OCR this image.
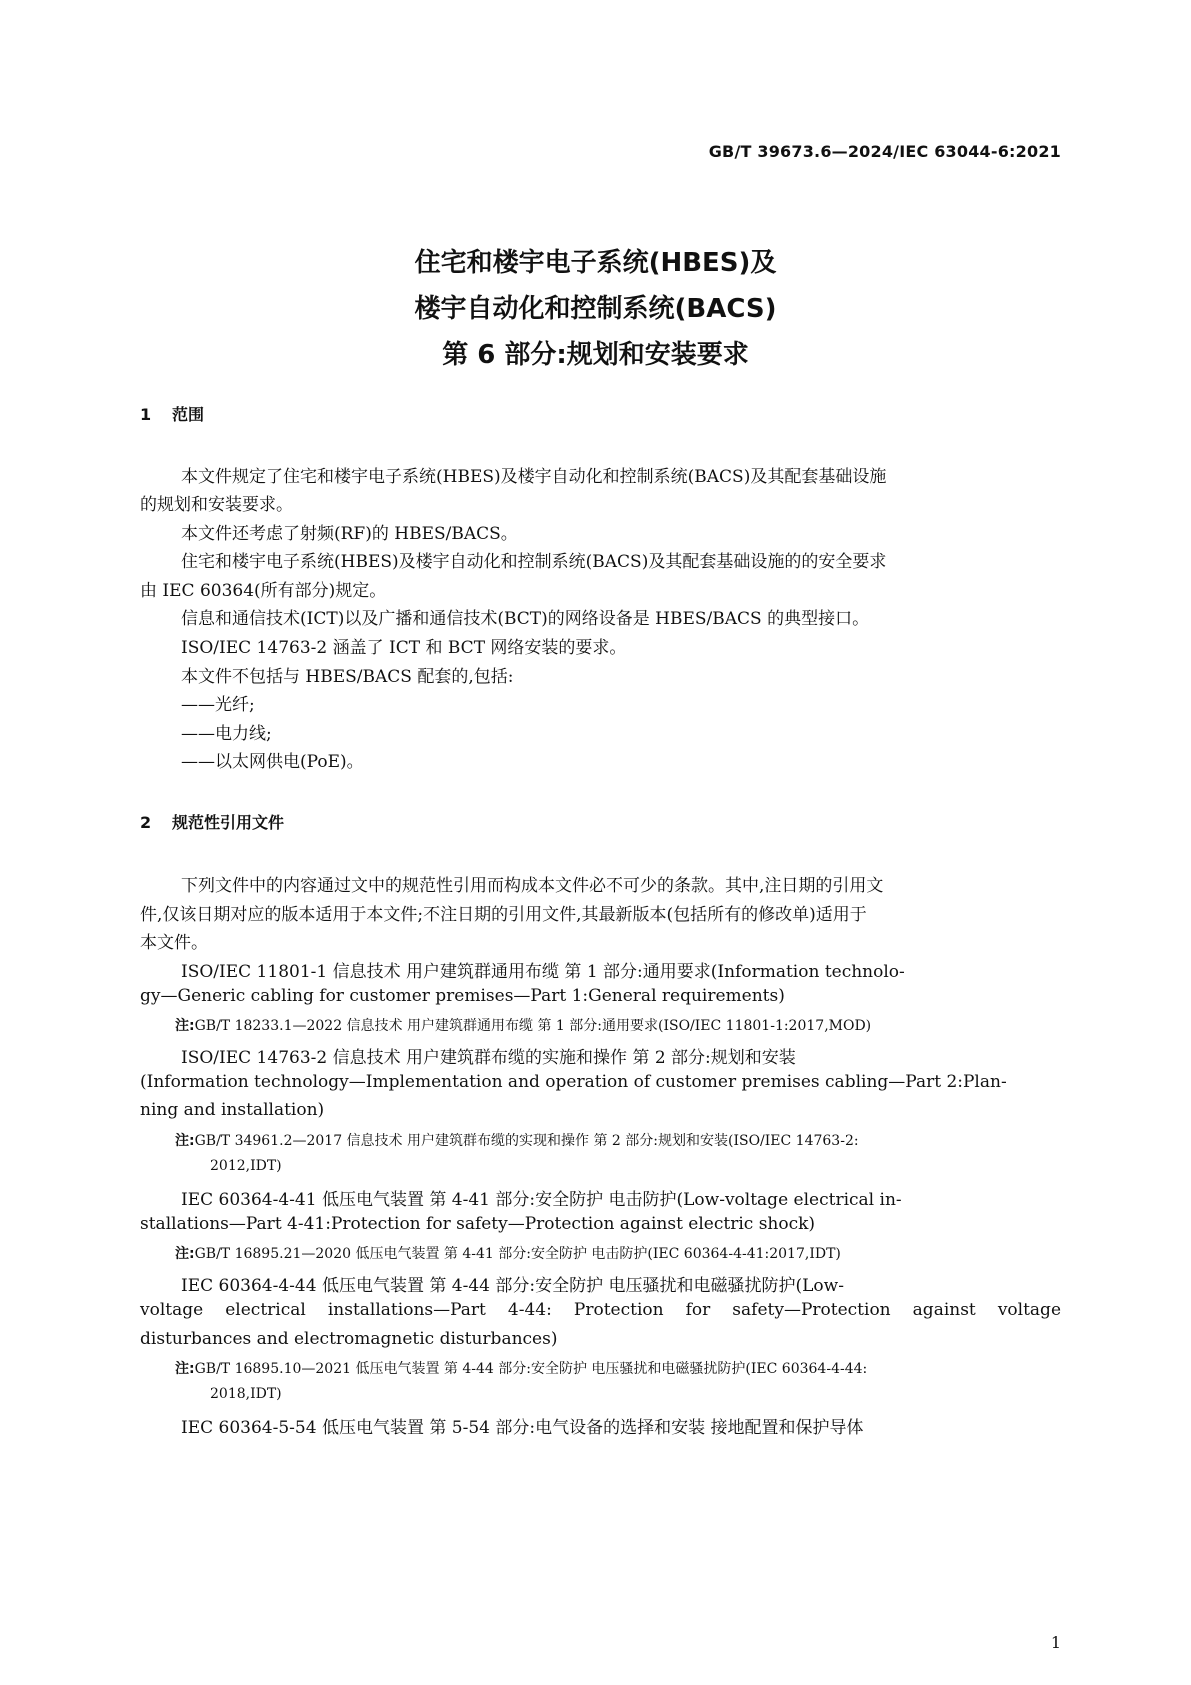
GB/T 39673.6—2024/IEC 63044-6:2021
住宅和楼宇电子系统(HBES)及
楼宇自动化和控制系统(BACS)
第 6 部分:规划和安装要求
1 范围
本文件规定了住宅和楼宇电子系统(HBES)及楼宇自动化和控制系统(BACS)及其配套基础设施
的规划和安装要求。
本文件还考虑了射频(RF)的 HBES/BACS。
住宅和楼宇电子系统(HBES)及楼宇自动化和控制系统(BACS)及其配套基础设施的的安全要求
由 IEC 60364(所有部分)规定。
信息和通信技术(ICT)以及广播和通信技术(BCT)的网络设备是 HBES/BACS 的典型接口。
ISO/IEC 14763-2 涵盖了 ICT 和 BCT 网络安装的要求。
本文件不包括与 HBES/BACS 配套的,包括:
——光纤;
——电力线;
——以太网供电(PoE)。
2 规范性引用文件
下列文件中的内容通过文中的规范性引用而构成本文件必不可少的条款。其中,注日期的引用文
件,仅该日期对应的版本适用于本文件;不注日期的引用文件,其最新版本(包括所有的修改单)适用于
本文件。
ISO/IEC 11801-1 信息技术 用户建筑群通用布缆 第 1 部分:通用要求(Information technolo-
gy—Generic cabling for customer premises—Part 1:General requirements)
注:GB/T 18233.1—2022 信息技术 用户建筑群通用布缆 第 1 部分:通用要求(ISO/IEC 11801-1:2017,MOD)
ISO/IEC 14763-2 信息技术 用户建筑群布缆的实施和操作 第 2 部分:规划和安装
(Information technology—Implementation and operation of customer premises cabling—Part 2:Plan-
ning and installation)
注:GB/T 34961.2—2017 信息技术 用户建筑群布缆的实现和操作 第 2 部分:规划和安装(ISO/IEC 14763-2:
2012,IDT)
IEC 60364-4-41 低压电气装置 第 4-41 部分:安全防护 电击防护(Low-voltage electrical in-
stallations—Part 4-41:Protection for safety—Protection against electric shock)
注:GB/T 16895.21—2020 低压电气装置 第 4-41 部分:安全防护 电击防护(IEC 60364-4-41:2017,IDT)
IEC 60364-4-44 低压电气装置 第 4-44 部分:安全防护 电压骚扰和电磁骚扰防护(Low-
voltage electrical installations—Part 4-44: Protection for safety—Protection against voltage
disturbances and electromagnetic disturbances)
注:GB/T 16895.10—2021 低压电气装置 第 4-44 部分:安全防护 电压骚扰和电磁骚扰防护(IEC 60364-4-44:
2018,IDT)
IEC 60364-5-54 低压电气装置 第 5-54 部分:电气设备的选择和安装 接地配置和保护导体
1
